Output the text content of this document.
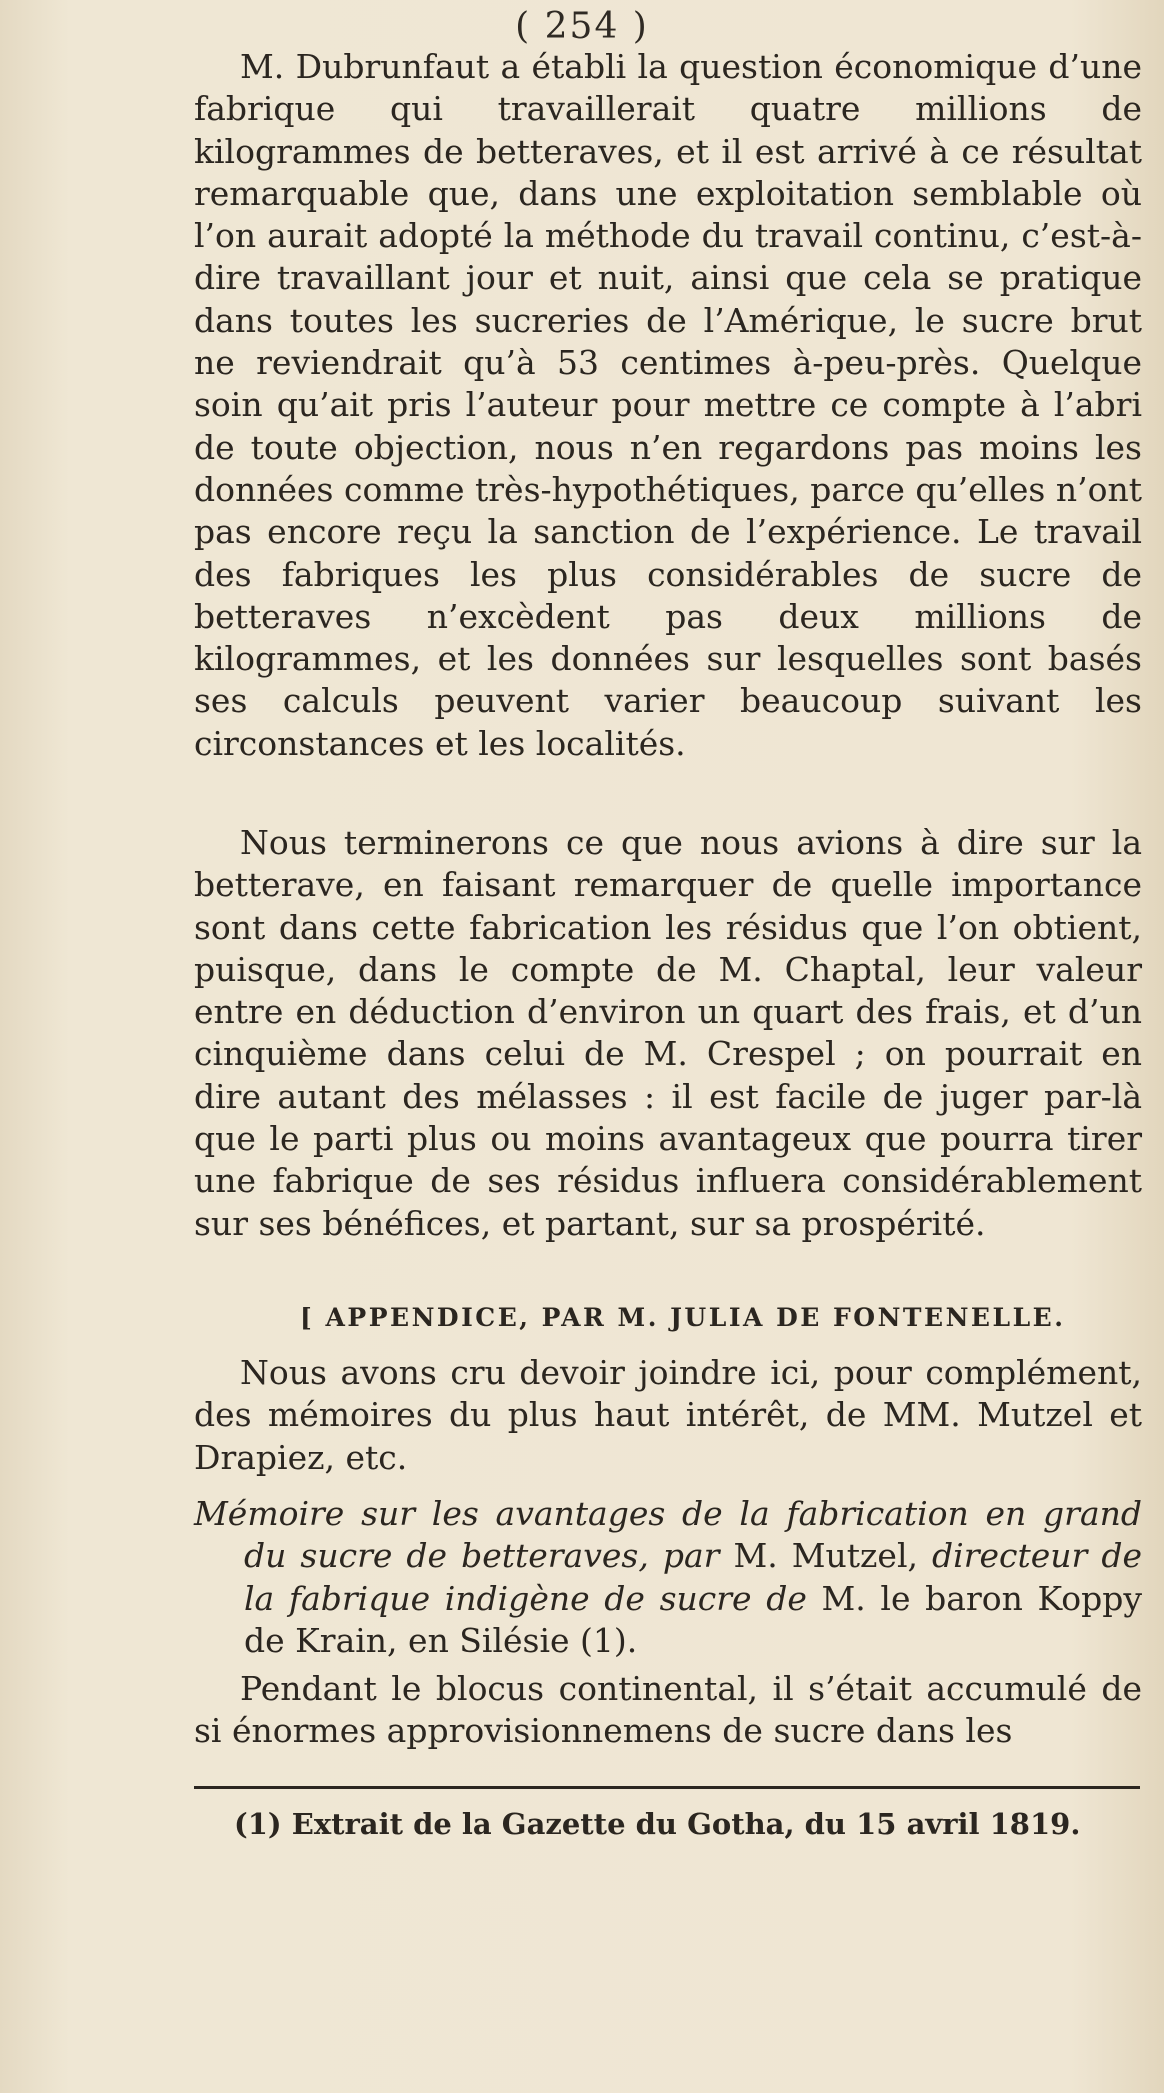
( 254 )
M. Dubrunfaut a établi la question économique d’une fabrique qui travaillerait quatre millions de kilogrammes de betteraves, et il est arrivé à ce résultat remarquable que, dans une exploitation semblable où l’on aurait adopté la méthode du travail continu, c’est-à-dire travaillant jour et nuit, ainsi que cela se pratique dans toutes les sucreries de l’Amérique, le sucre brut ne reviendrait qu’à 53 centimes à-peu-près. Quelque soin qu’ait pris l’auteur pour mettre ce compte à l’abri de toute objection, nous n’en regardons pas moins les données comme très-hypothétiques, parce qu’elles n’ont pas encore reçu la sanction de l’expérience. Le travail des fabriques les plus considérables de sucre de betteraves n’excèdent pas deux millions de kilogrammes, et les données sur lesquelles sont basés ses calculs peuvent varier beaucoup suivant les circonstances et les localités.
Nous terminerons ce que nous avions à dire sur la betterave, en faisant remarquer de quelle importance sont dans cette fabrication les résidus que l’on obtient, puisque, dans le compte de M. Chaptal, leur valeur entre en déduction d’environ un quart des frais, et d’un cinquième dans celui de M. Crespel ; on pourrait en dire autant des mélasses : il est facile de juger par-là que le parti plus ou moins avantageux que pourra tirer une fabrique de ses résidus influera considérablement sur ses bénéfices, et partant, sur sa prospérité.
[ APPENDICE, PAR M. JULIA DE FONTENELLE.
Nous avons cru devoir joindre ici, pour complément, des mémoires du plus haut intérêt, de MM. Mutzel et Drapiez, etc.
Mémoire sur les avantages de la fabrication en grand du sucre de betteraves, par M. Mutzel, directeur de la fabrique indigène de sucre de M. le baron Koppy de Krain, en Silésie (1).
Pendant le blocus continental, il s’était accumulé de si énormes approvisionnemens de sucre dans les
(1) Extrait de la Gazette du Gotha, du 15 avril 1819.
